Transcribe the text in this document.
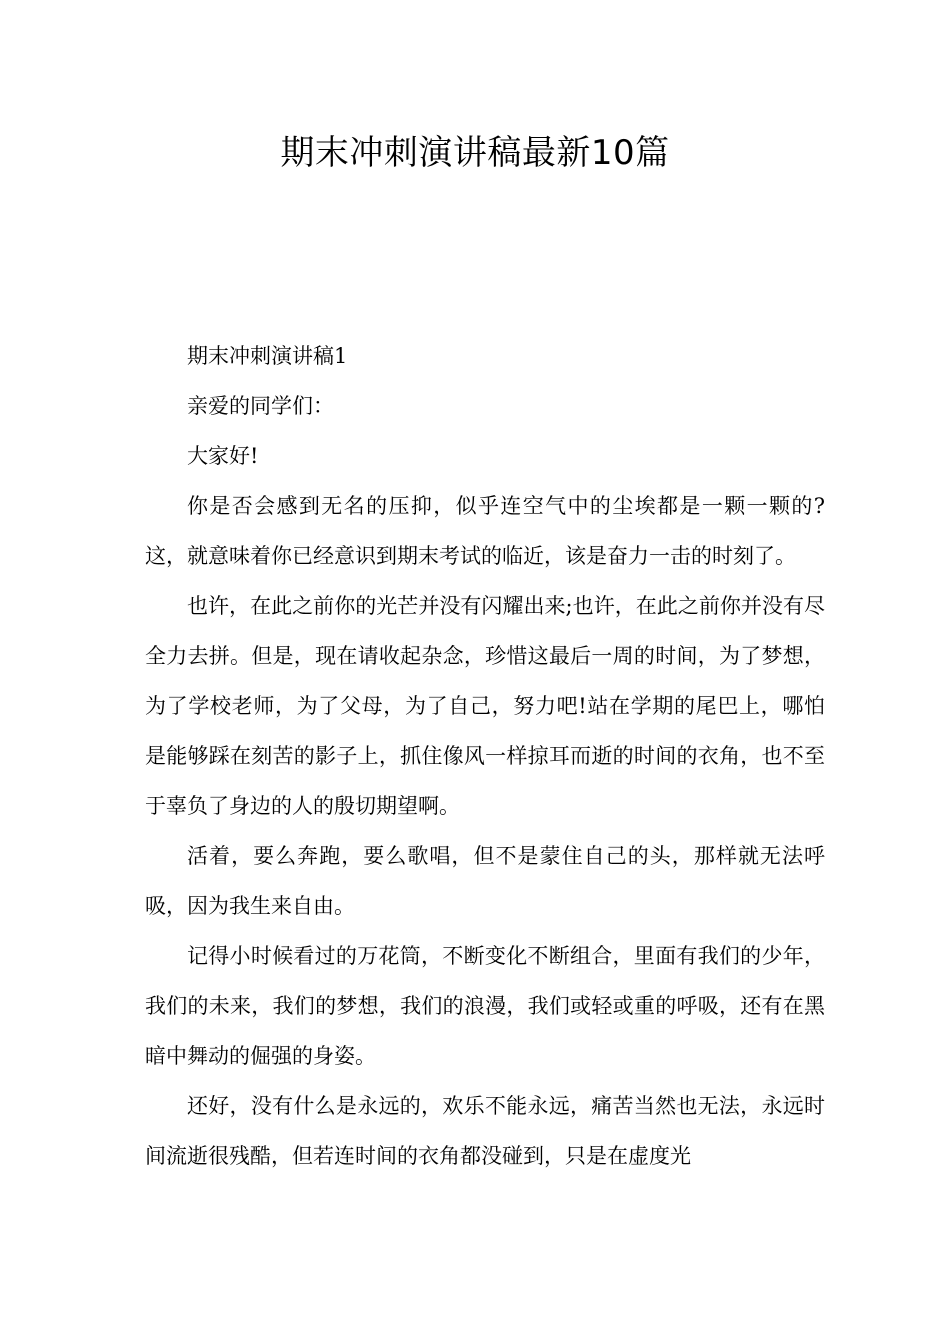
期末冲刺演讲稿最新10篇

期末冲刺演讲稿1

亲爱的同学们：

大家好!

你是否会感到无名的压抑，似乎连空气中的尘埃都是一颗一颗的?这，就意味着你已经意识到期末考试的临近，该是奋力一击的时刻了。

也许，在此之前你的光芒并没有闪耀出来;也许，在此之前你并没有尽全力去拼。但是，现在请收起杂念，珍惜这最后一周的时间，为了梦想，为了学校老师，为了父母，为了自己，努力吧!站在学期的尾巴上，哪怕是能够踩在刻苦的影子上，抓住像风一样掠耳而逝的时间的衣角，也不至于辜负了身边的人的殷切期望啊。

活着，要么奔跑，要么歌唱，但不是蒙住自己的头，那样就无法呼吸，因为我生来自由。

记得小时候看过的万花筒，不断变化不断组合，里面有我们的少年，我们的未来，我们的梦想，我们的浪漫，我们或轻或重的呼吸，还有在黑暗中舞动的倔强的身姿。

还好，没有什么是永远的，欢乐不能永远，痛苦当然也无法，永远时间流逝很残酷，但若连时间的衣角都没碰到，只是在虚度光
